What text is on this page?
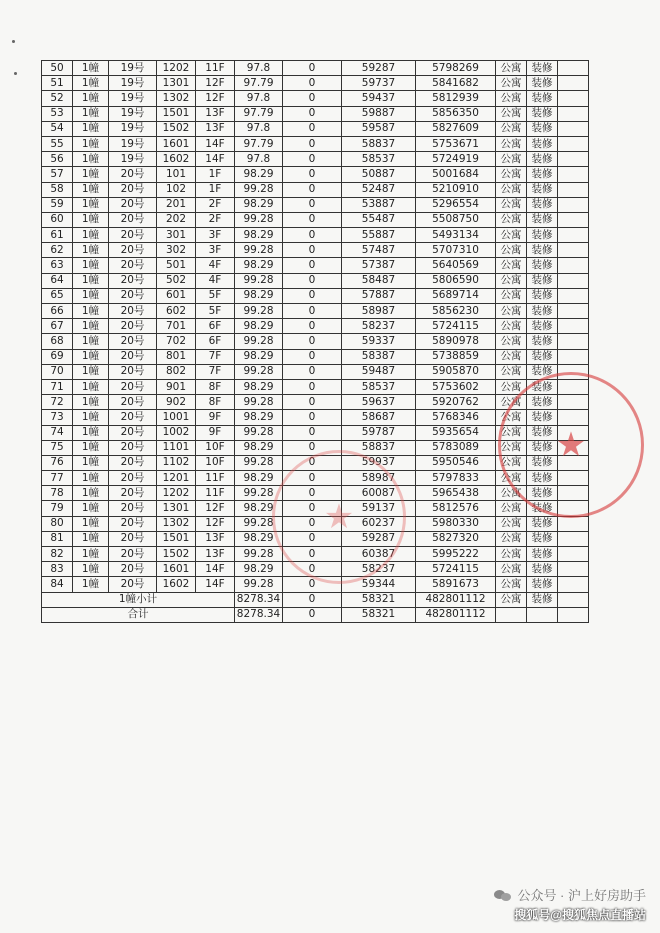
50	1幢	19号	1202	11F	97.8	0	59287	5798269	公寓	装修	
51	1幢	19号	1301	12F	97.79	0	59737	5841682	公寓	装修	
52	1幢	19号	1302	12F	97.8	0	59437	5812939	公寓	装修	
53	1幢	19号	1501	13F	97.79	0	59887	5856350	公寓	装修	
54	1幢	19号	1502	13F	97.8	0	59587	5827609	公寓	装修	
55	1幢	19号	1601	14F	97.79	0	58837	5753671	公寓	装修	
56	1幢	19号	1602	14F	97.8	0	58537	5724919	公寓	装修	
57	1幢	20号	101	1F	98.29	0	50887	5001684	公寓	装修	
58	1幢	20号	102	1F	99.28	0	52487	5210910	公寓	装修	
59	1幢	20号	201	2F	98.29	0	53887	5296554	公寓	装修	
60	1幢	20号	202	2F	99.28	0	55487	5508750	公寓	装修	
61	1幢	20号	301	3F	98.29	0	55887	5493134	公寓	装修	
62	1幢	20号	302	3F	99.28	0	57487	5707310	公寓	装修	
63	1幢	20号	501	4F	98.29	0	57387	5640569	公寓	装修	
64	1幢	20号	502	4F	99.28	0	58487	5806590	公寓	装修	
65	1幢	20号	601	5F	98.29	0	57887	5689714	公寓	装修	
66	1幢	20号	602	5F	99.28	0	58987	5856230	公寓	装修	
67	1幢	20号	701	6F	98.29	0	58237	5724115	公寓	装修	
68	1幢	20号	702	6F	99.28	0	59337	5890978	公寓	装修	
69	1幢	20号	801	7F	98.29	0	58387	5738859	公寓	装修	
70	1幢	20号	802	7F	99.28	0	59487	5905870	公寓	装修	
71	1幢	20号	901	8F	98.29	0	58537	5753602	公寓	装修	
72	1幢	20号	902	8F	99.28	0	59637	5920762	公寓	装修	
73	1幢	20号	1001	9F	98.29	0	58687	5768346	公寓	装修	
74	1幢	20号	1002	9F	99.28	0	59787	5935654	公寓	装修	
75	1幢	20号	1101	10F	98.29	0	58837	5783089	公寓	装修	
76	1幢	20号	1102	10F	99.28	0	59937	5950546	公寓	装修	
77	1幢	20号	1201	11F	98.29	0	58987	5797833	公寓	装修	
78	1幢	20号	1202	11F	99.28	0	60087	5965438	公寓	装修	
79	1幢	20号	1301	12F	98.29	0	59137	5812576	公寓	装修	
80	1幢	20号	1302	12F	99.28	0	60237	5980330	公寓	装修	
81	1幢	20号	1501	13F	98.29	0	59287	5827320	公寓	装修	
82	1幢	20号	1502	13F	99.28	0	60387	5995222	公寓	装修	
83	1幢	20号	1601	14F	98.29	0	58237	5724115	公寓	装修	
84	1幢	20号	1602	14F	99.28	0	59344	5891673	公寓	装修	
1幢小计					8278.34	0	58321	482801112	公寓	装修	
合计					8278.34	0	58321	482801112			
★
★
公众号 · 沪上好房助手
搜狐号@搜狐焦点直播站
